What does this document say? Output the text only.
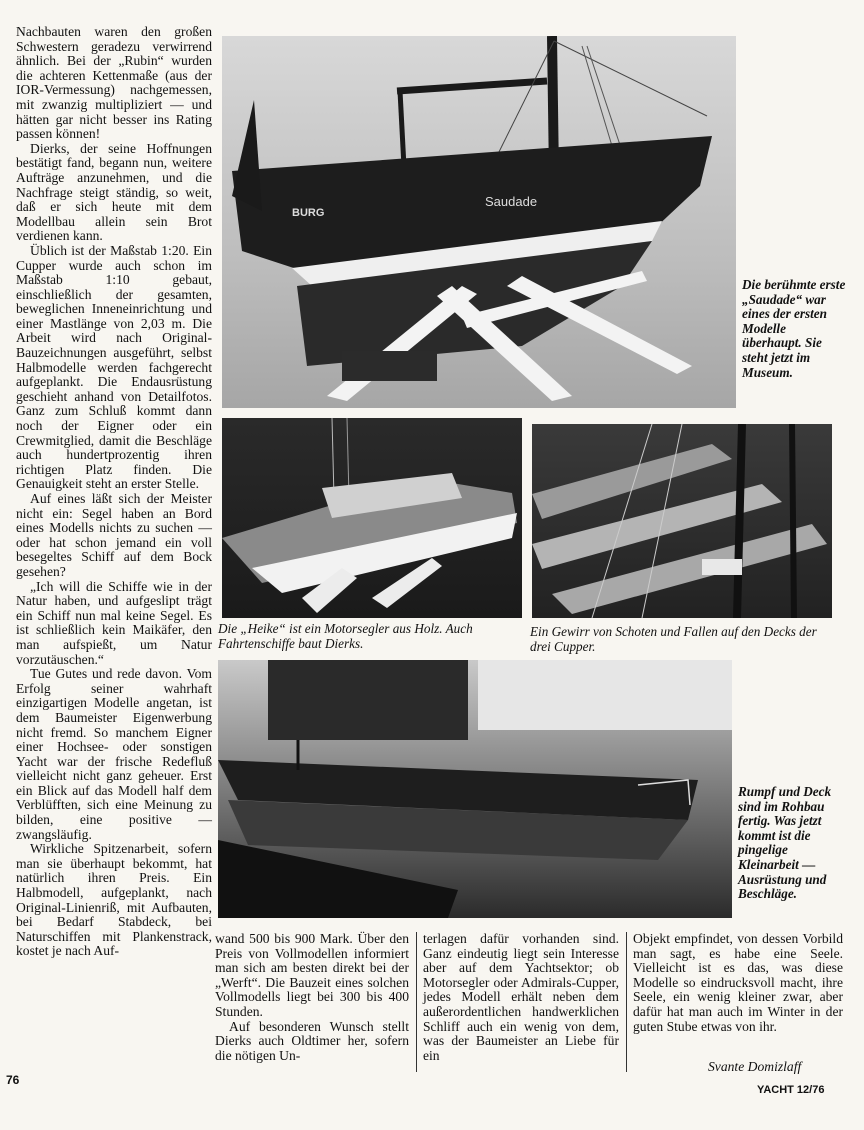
Nachbauten waren den großen Schwestern geradezu verwirrend ähnlich. Bei der „Rubin“ wurden die achteren Kettenmaße (aus der IOR-Vermessung) nachgemessen, mit zwanzig multipliziert — und hätten gar nicht besser ins Rating passen können!

Dierks, der seine Hoffnungen bestätigt fand, begann nun, weitere Aufträge anzunehmen, und die Nachfrage steigt ständig, so weit, daß er sich heute mit dem Modellbau allein sein Brot verdienen kann.

Üblich ist der Maßstab 1:20. Ein Cupper wurde auch schon im Maßstab 1:10 gebaut, einschließlich der gesamten, beweglichen Inneneinrichtung und einer Mastlänge von 2,03 m. Die Arbeit wird nach Original-Bauzeichnungen ausgeführt, selbst Halbmodelle werden fachgerecht aufgeplankt. Die Endausrüstung geschieht anhand von Detailfotos. Ganz zum Schluß kommt dann noch der Eigner oder ein Crewmitglied, damit die Beschläge auch hundertprozentig ihren richtigen Platz finden. Die Genauigkeit steht an erster Stelle.

Auf eines läßt sich der Meister nicht ein: Segel haben an Bord eines Modells nichts zu suchen — oder hat schon jemand ein voll besegeltes Schiff auf dem Bock gesehen?

„Ich will die Schiffe wie in der Natur haben, und aufgeslipt trägt ein Schiff nun mal keine Segel. Es ist schließlich kein Maikäfer, den man aufspießt, um Natur vorzutäuschen.“

Tue Gutes und rede davon. Vom Erfolg seiner wahrhaft einzigartigen Modelle angetan, ist dem Baumeister Eigenwerbung nicht fremd. So manchem Eigner einer Hochsee- oder sonstigen Yacht war der frische Redefluß vielleicht nicht ganz geheuer. Erst ein Blick auf das Modell half dem Verblüfften, sich eine Meinung zu bilden, eine positive — zwangsläufig.

Wirkliche Spitzenarbeit, sofern man sie überhaupt bekommt, hat natürlich ihren Preis. Ein Halbmodell, aufgeplankt, nach Original-Linienriß, mit Aufbauten, bei Bedarf Stabdeck, bei Naturschiffen mit Plankenstrack, kostet je nach Auf-

Saudade
BURG
Die berühmte erste „Saudade“ war eines der ersten Modelle überhaupt. Sie steht jetzt im Museum.
Die „Heike“ ist ein Motorsegler aus Holz. Auch Fahrtenschiffe baut Dierks.
Ein Gewirr von Schoten und Fallen auf den Decks der drei Cupper.
Rumpf und Deck sind im Rohbau fertig. Was jetzt kommt ist die pingelige Kleinarbeit — Ausrüstung und Beschläge.

wand 500 bis 900 Mark. Über den Preis von Vollmodellen informiert man sich am besten direkt bei der „Werft“. Die Bauzeit eines solchen Vollmodells liegt bei 300 bis 400 Stunden.

Auf besonderen Wunsch stellt Dierks auch Oldtimer her, sofern die nötigen Un-

terlagen dafür vorhanden sind. Ganz eindeutig liegt sein Interesse aber auf dem Yachtsektor; ob Motorsegler oder Admirals-Cupper, jedes Modell erhält neben dem außerordentlichen handwerklichen Schliff auch ein wenig von dem, was der Baumeister an Liebe für ein

Objekt empfindet, von dessen Vorbild man sagt, es habe eine Seele. Vielleicht ist es das, was diese Modelle so eindrucksvoll macht, ihre Seele, ein wenig kleiner zwar, aber dafür hat man auch im Winter in der guten Stube etwas von ihr.

Svante Domizlaff
76
YACHT 12/76
